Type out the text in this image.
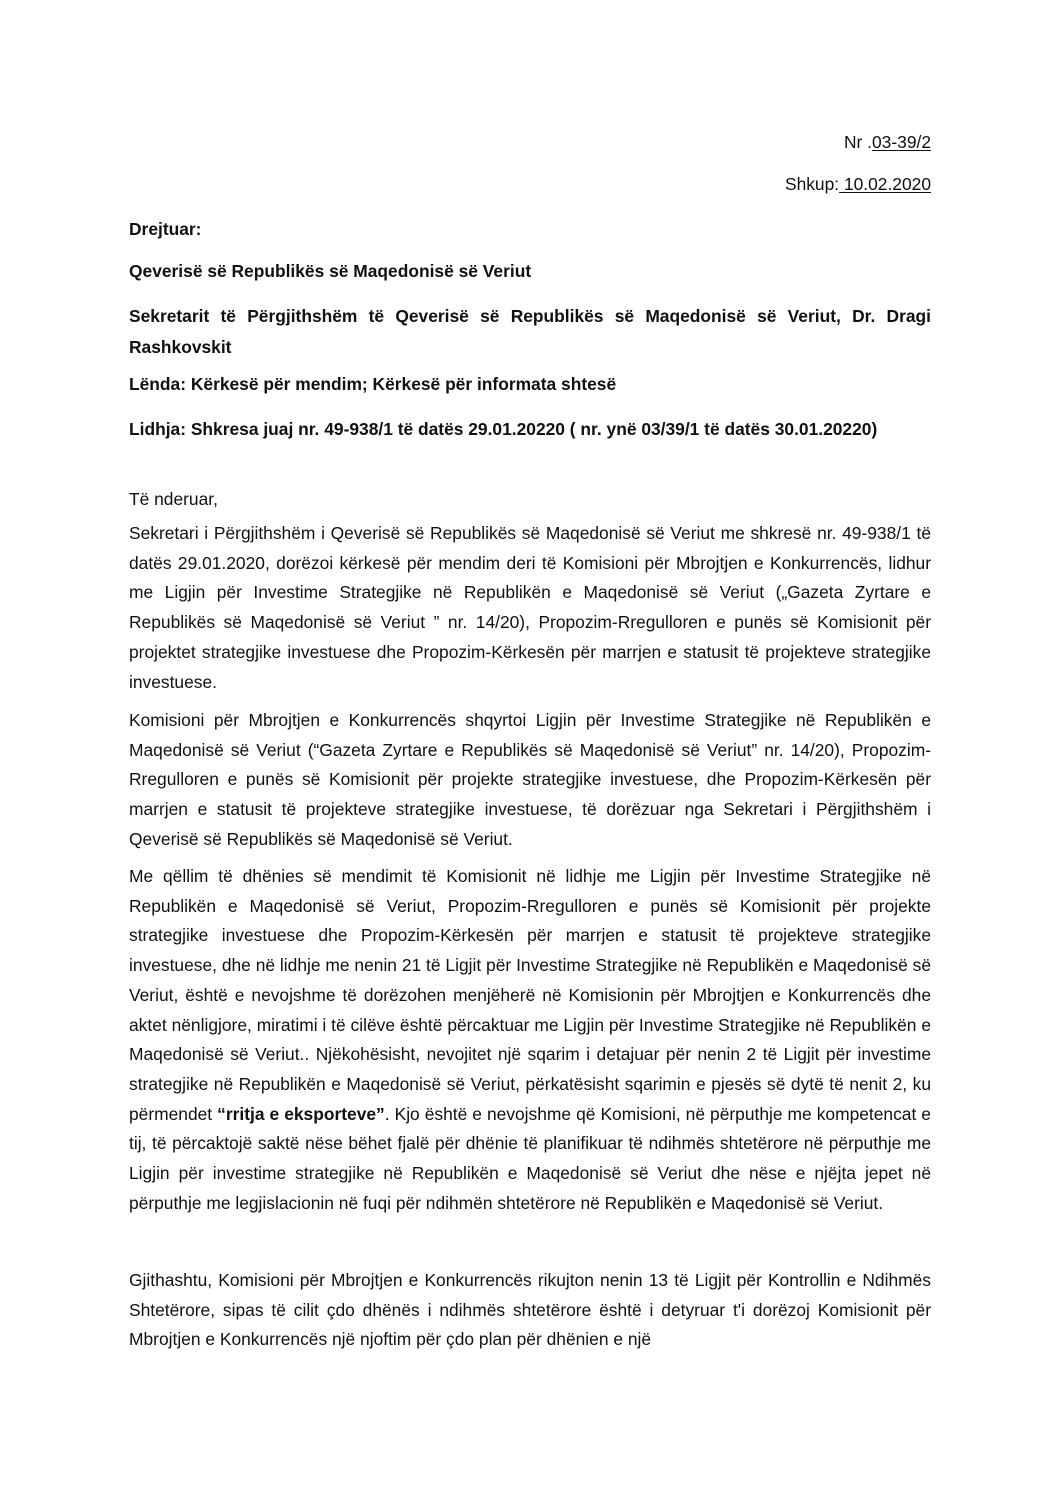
Nr .03-39/2
Shkup: 10.02.2020
Drejtuar:
Qeverisë së Republikës së Maqedonisë së Veriut
Sekretarit të Përgjithshëm të Qeverisë së Republikës së Maqedonisë së Veriut, Dr. Dragi Rashkovskit
Lënda: Kërkesë për mendim; Kërkesë për informata shtesë
Lidhja: Shkresa juaj nr. 49-938/1 të datës 29.01.20220 ( nr. ynë 03/39/1 të datës 30.01.20220)
Të nderuar,
Sekretari i Përgjithshëm i Qeverisë së Republikës së Maqedonisë së Veriut me shkresë nr. 49-938/1 të datës 29.01.2020, dorëzoi kërkesë për mendim deri të Komisioni për Mbrojtjen e Konkurrencës, lidhur me Ligjin për Investime Strategjike në Republikën e Maqedonisë së Veriut („Gazeta Zyrtare e Republikës së Maqedonisë së Veriut ” nr. 14/20), Propozim-Rregulloren e punës së Komisionit për projektet strategjike investuese dhe Propozim-Kërkesën për marrjen e statusit të projekteve strategjike investuese.
Komisioni për Mbrojtjen e Konkurrencës shqyrtoi Ligjin për Investime Strategjike në Republikën e Maqedonisë së Veriut (“Gazeta Zyrtare e Republikës së Maqedonisë së Veriut” nr. 14/20), Propozim-Rregulloren e punës së Komisionit për projekte strategjike investuese, dhe Propozim-Kërkesën për marrjen e statusit të projekteve strategjike investuese, të dorëzuar nga Sekretari i Përgjithshëm i Qeverisë së Republikës së Maqedonisë së Veriut.
Me qëllim të dhënies së mendimit të Komisionit në lidhje me Ligjin për Investime Strategjike në Republikën e Maqedonisë së Veriut, Propozim-Rregulloren e punës së Komisionit për projekte strategjike investuese dhe Propozim-Kërkesën për marrjen e statusit të projekteve strategjike investuese, dhe në lidhje me nenin 21 të Ligjit për Investime Strategjike në Republikën e Maqedonisë së Veriut, është e nevojshme të dorëzohen menjëherë në Komisionin për Mbrojtjen e Konkurrencës dhe aktet nënligjore, miratimi i të cilëve është përcaktuar me Ligjin për Investime Strategjike në Republikën e Maqedonisë së Veriut.. Njëkohësisht, nevojitet një sqarim i detajuar për nenin 2 të Ligjit për investime strategjike në Republikën e Maqedonisë së Veriut, përkatësisht sqarimin e pjesës së dytë të nenit 2, ku përmendet “rritja e eksporteve”. Kjo është e nevojshme që Komisioni, në përputhje me kompetencat e tij, të përcaktojë saktë nëse bëhet fjalë për dhënie të planifikuar të ndihmës shtetërore në përputhje me Ligjin për investime strategjike në Republikën e Maqedonisë së Veriut dhe nëse e njëjta jepet në përputhje me legjislacionin në fuqi për ndihmën shtetërore në Republikën e Maqedonisë së Veriut.
Gjithashtu, Komisioni për Mbrojtjen e Konkurrencës rikujton nenin 13 të Ligjit për Kontrollin e Ndihmës Shtetërore, sipas të cilit çdo dhënës i ndihmës shtetërore është i detyruar t'i dorëzoj Komisionit për Mbrojtjen e Konkurrencës një njoftim për çdo plan për dhënien e një
